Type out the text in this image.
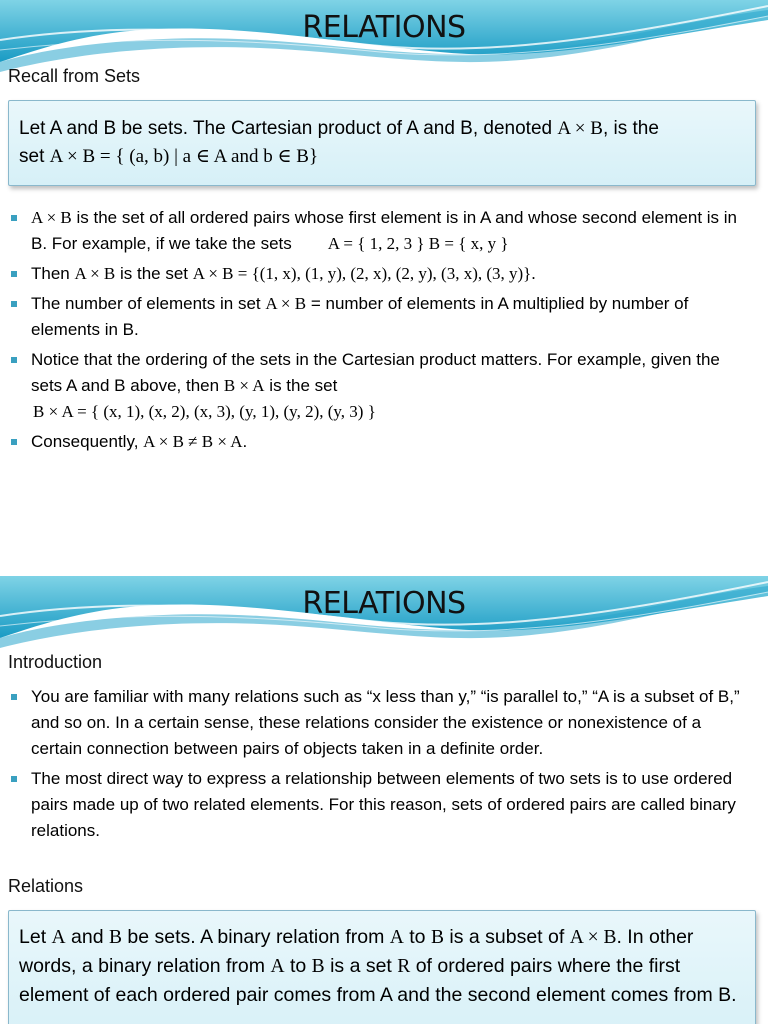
RELATIONS
Recall from Sets
Let A and B be sets. The Cartesian product of A and B, denoted A × B, is the
set A × B = { (a, b) | a ∈ A and b ∈ B}
A × B is the set of all ordered pairs whose first element is in A and whose second element is in B. For example, if we take the sets A = { 1, 2, 3 } B = { x, y }
Then A × B is the set A × B = {(1, x), (1, y), (2, x), (2, y), (3, x), (3, y)}.
The number of elements in set A × B = number of elements in A multiplied by number of elements in B.
Notice that the ordering of the sets in the Cartesian product matters. For example, given the sets A and B above, then B × A is the set
B × A = { (x, 1), (x, 2), (x, 3), (y, 1), (y, 2), (y, 3) }
Consequently, A × B ≠ B × A.
RELATIONS
Introduction
You are familiar with many relations such as “x less than y,” “is parallel to,” “A is a subset of B,” and so on. In a certain sense, these relations consider the existence or nonexistence of a certain connection between pairs of objects taken in a definite order.
The most direct way to express a relationship between elements of two sets is to use ordered pairs made up of two related elements. For this reason, sets of ordered pairs are called binary relations.
Relations
Let A and B be sets. A binary relation from A to B is a subset of A × B. In other words, a binary relation from A to B is a set R of ordered pairs where the first element of each ordered pair comes from A and the second element comes from B.
